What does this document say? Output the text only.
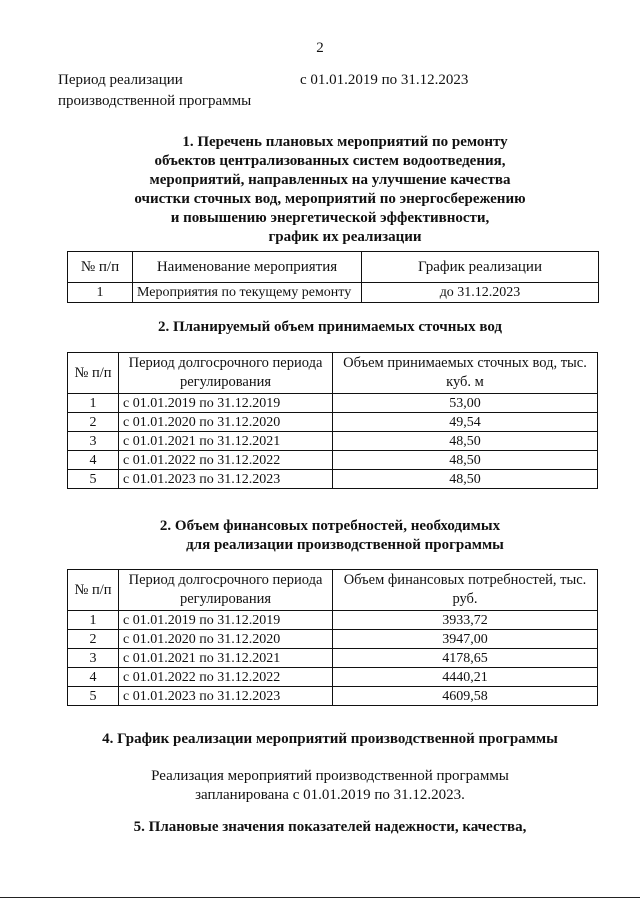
2
Период реализации
производственной программы
с 01.01.2019 по 31.12.2023
1. Перечень плановых мероприятий по ремонту
объектов централизованных систем водоотведения,
мероприятий, направленных на улучшение качества
очистки сточных вод, мероприятий по энергосбережению
и повышению энергетической эффективности,
график их реализации
№ п/п	Наименование мероприятия	График реализации
1	Мероприятия по текущему ремонту	до 31.12.2023
2. Планируемый объем принимаемых сточных вод
№ п/п	Период долгосрочного периода регулирования	Объем принимаемых сточных вод, тыс. куб. м
1	с 01.01.2019 по 31.12.2019	53,00
2	с 01.01.2020 по 31.12.2020	49,54
3	с 01.01.2021 по 31.12.2021	48,50
4	с 01.01.2022 по 31.12.2022	48,50
5	с 01.01.2023 по 31.12.2023	48,50
2. Объем финансовых потребностей, необходимых
для реализации производственной программы
№ п/п	Период долгосрочного периода регулирования	Объем финансовых потребностей, тыс. руб.
1	с 01.01.2019 по 31.12.2019	3933,72
2	с 01.01.2020 по 31.12.2020	3947,00
3	с 01.01.2021 по 31.12.2021	4178,65
4	с 01.01.2022 по 31.12.2022	4440,21
5	с 01.01.2023 по 31.12.2023	4609,58
4. График реализации мероприятий производственной программы
Реализация мероприятий производственной программы
запланирована с 01.01.2019 по 31.12.2023.
5. Плановые значения показателей надежности, качества,
